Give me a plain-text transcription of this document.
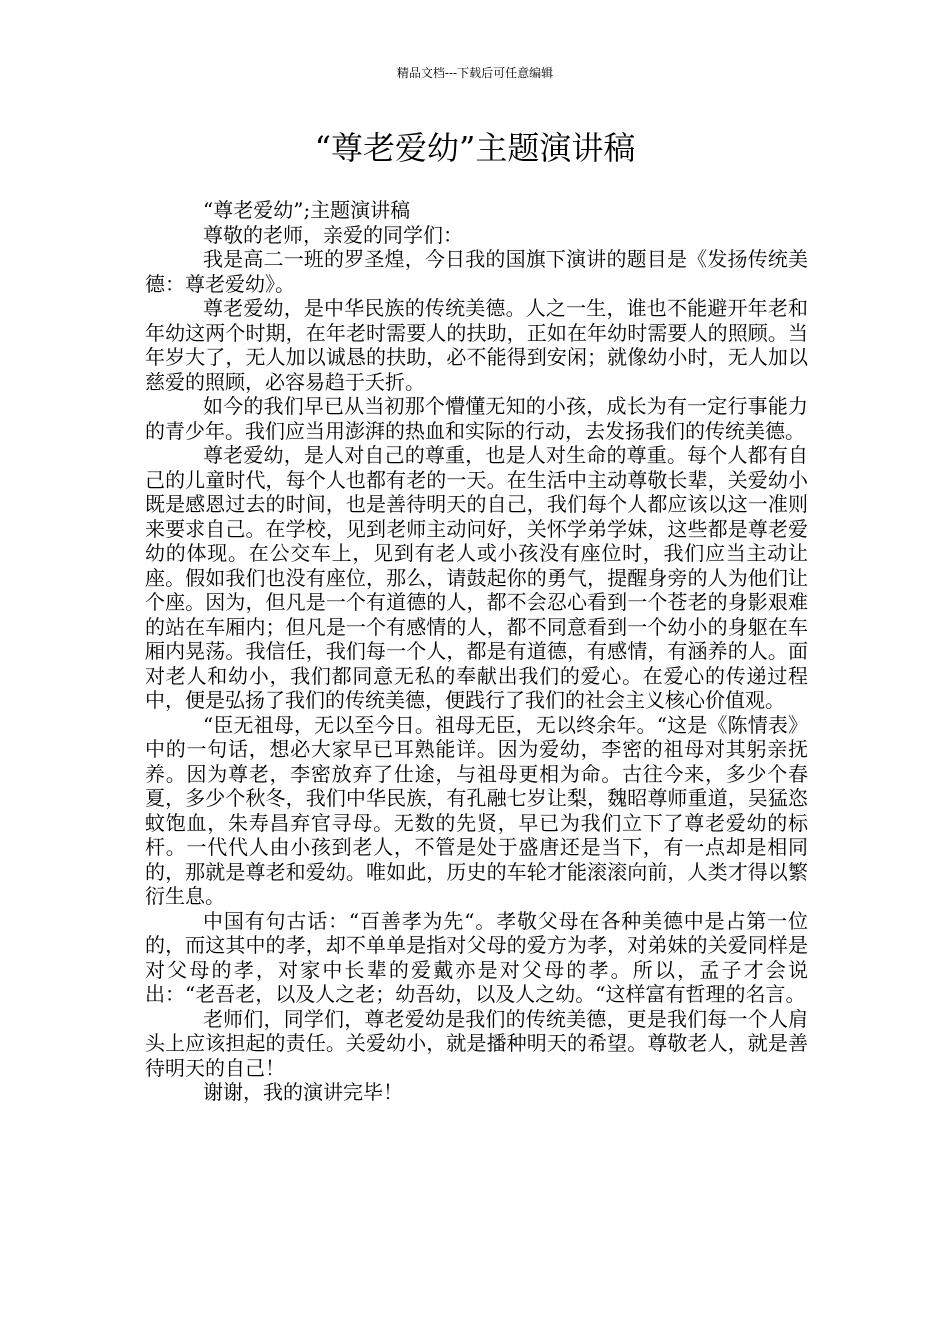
精品文档---下载后可任意编辑
“尊老爱幼”主题演讲稿

“尊老爱幼”;主题演讲稿

尊敬的老师，亲爱的同学们：

我是高二一班的罗圣煌，今日我的国旗下演讲的题目是《发扬传统美德：尊老爱幼》。

尊老爱幼，是中华民族的传统美德。人之一生，谁也不能避开年老和年幼这两个时期，在年老时需要人的扶助，正如在年幼时需要人的照顾。当年岁大了，无人加以诚恳的扶助，必不能得到安闲；就像幼小时，无人加以慈爱的照顾，必容易趋于夭折。

如今的我们早已从当初那个懵懂无知的小孩，成长为有一定行事能力的青少年。我们应当用澎湃的热血和实际的行动，去发扬我们的传统美德。

尊老爱幼，是人对自己的尊重，也是人对生命的尊重。每个人都有自己的儿童时代，每个人也都有老的一天。在生活中主动尊敬长辈，关爱幼小既是感恩过去的时间，也是善待明天的自己，我们每个人都应该以这一准则来要求自己。在学校，见到老师主动问好，关怀学弟学妹，这些都是尊老爱幼的体现。在公交车上，见到有老人或小孩没有座位时，我们应当主动让座。假如我们也没有座位，那么，请鼓起你的勇气，提醒身旁的人为他们让个座。因为，但凡是一个有道德的人，都不会忍心看到一个苍老的身影艰难的站在车厢内；但凡是一个有感情的人，都不同意看到一个幼小的身躯在车厢内晃荡。我信任，我们每一个人，都是有道德，有感情，有涵养的人。面对老人和幼小，我们都同意无私的奉献出我们的爱心。在爱心的传递过程中，便是弘扬了我们的传统美德，便践行了我们的社会主义核心价值观。

“臣无祖母，无以至今日。祖母无臣，无以终余年。“这是《陈情表》中的一句话，想必大家早已耳熟能详。因为爱幼，李密的祖母对其躬亲抚养。因为尊老，李密放弃了仕途，与祖母更相为命。古往今来，多少个春夏，多少个秋冬，我们中华民族，有孔融七岁让梨，魏昭尊师重道，吴猛恣蚊饱血，朱寿昌弃官寻母。无数的先贤，早已为我们立下了尊老爱幼的标杆。一代代人由小孩到老人，不管是处于盛唐还是当下，有一点却是相同的，那就是尊老和爱幼。唯如此，历史的车轮才能滚滚向前，人类才得以繁衍生息。

中国有句古话：“百善孝为先“。孝敬父母在各种美德中是占第一位的，而这其中的孝，却不单单是指对父母的爱方为孝，对弟妹的关爱同样是对父母的孝，对家中长辈的爱戴亦是对父母的孝。所以，孟子才会说出：“老吾老，以及人之老；幼吾幼，以及人之幼。“这样富有哲理的名言。

老师们，同学们，尊老爱幼是我们的传统美德，更是我们每一个人肩头上应该担起的责任。关爱幼小，就是播种明天的希望。尊敬老人，就是善待明天的自己！

谢谢，我的演讲完毕！
